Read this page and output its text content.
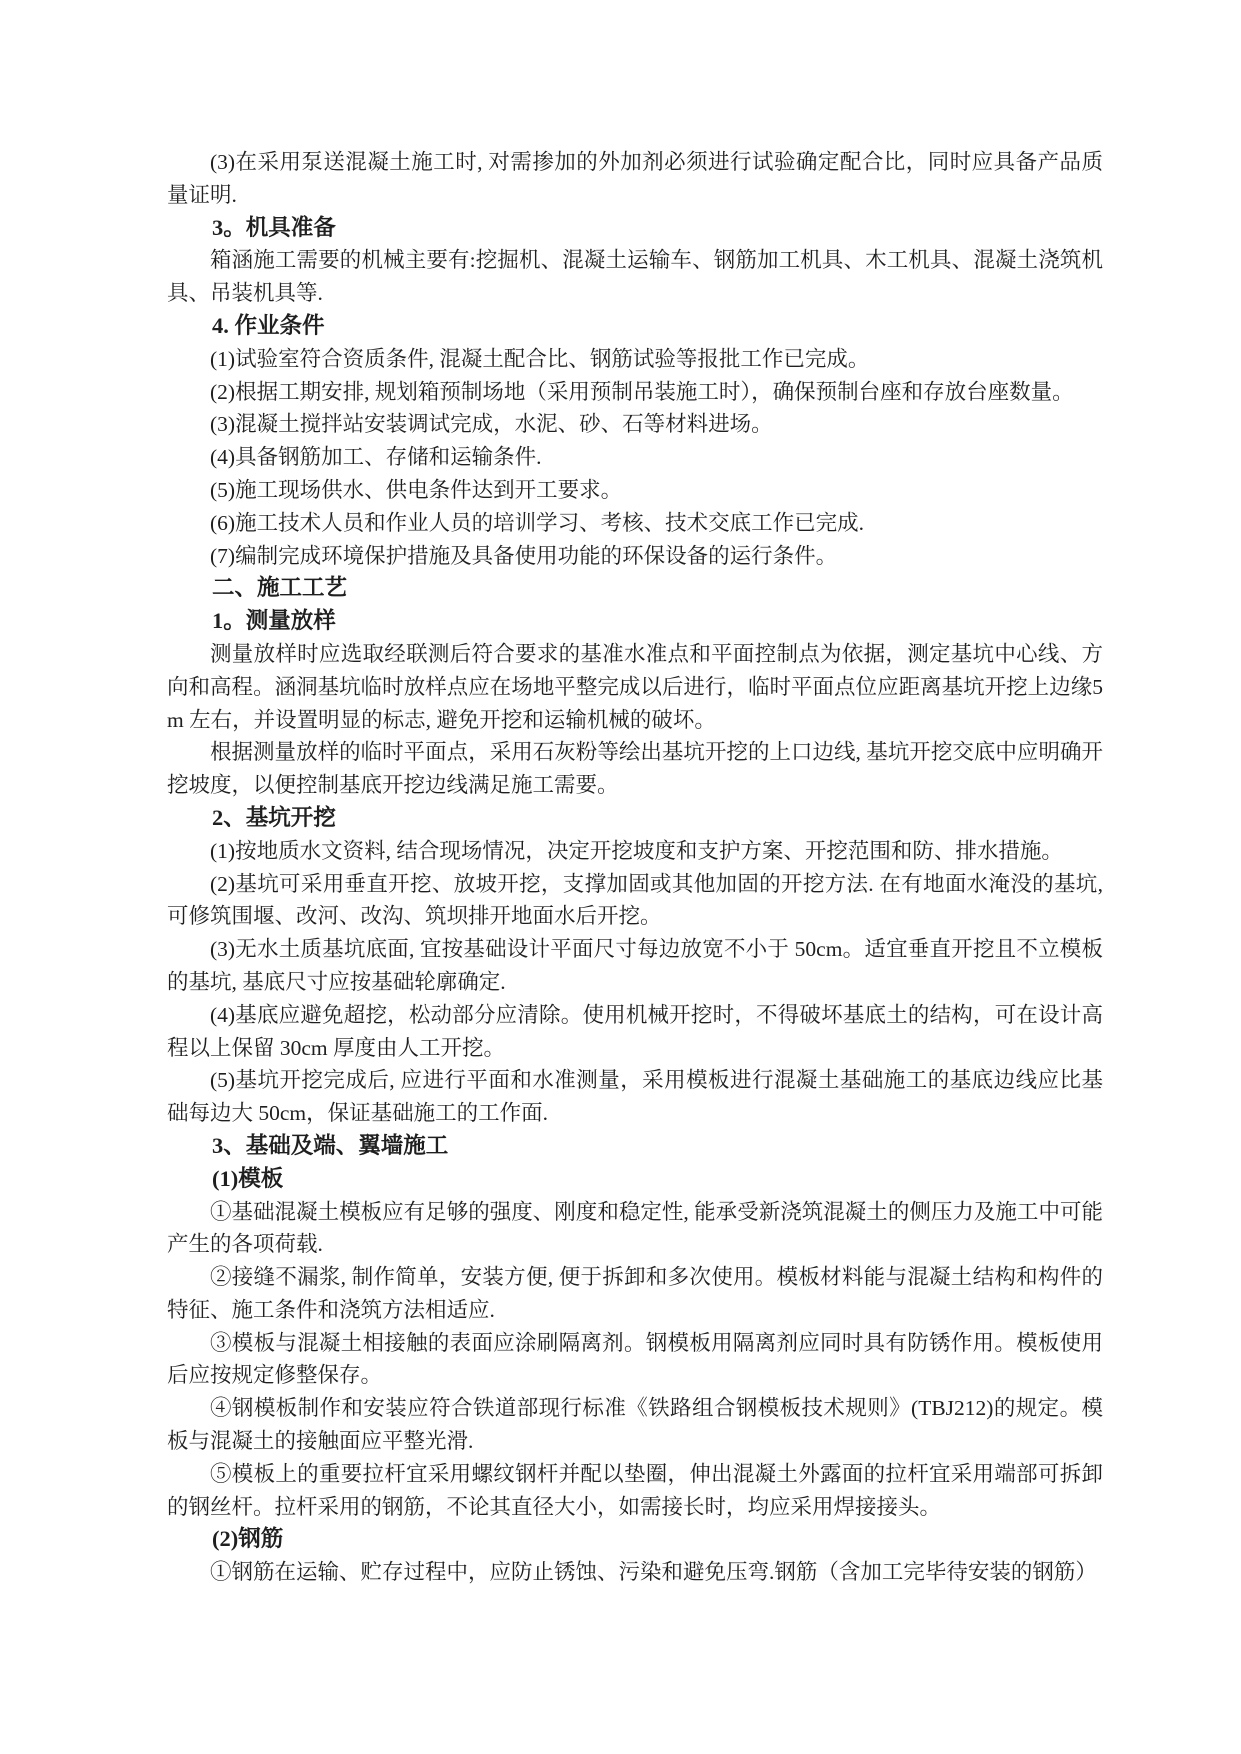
(3)在采用泵送混凝土施工时, 对需掺加的外加剂必须进行试验确定配合比，同时应具备产品质量证明.

3。机具准备

箱涵施工需要的机械主要有:挖掘机、混凝土运输车、钢筋加工机具、木工机具、混凝土浇筑机具、吊装机具等.

4. 作业条件

(1)试验室符合资质条件, 混凝土配合比、钢筋试验等报批工作已完成。

(2)根据工期安排, 规划箱预制场地（采用预制吊装施工时），确保预制台座和存放台座数量。

(3)混凝土搅拌站安装调试完成，水泥、砂、石等材料进场。

(4)具备钢筋加工、存储和运输条件.

(5)施工现场供水、供电条件达到开工要求。

(6)施工技术人员和作业人员的培训学习、考核、技术交底工作已完成.

(7)编制完成环境保护措施及具备使用功能的环保设备的运行条件。

二、施工工艺

1。测量放样

测量放样时应选取经联测后符合要求的基准水准点和平面控制点为依据，测定基坑中心线、方向和高程。涵洞基坑临时放样点应在场地平整完成以后进行，临时平面点位应距离基坑开挖上边缘5m 左右，并设置明显的标志, 避免开挖和运输机械的破坏。

根据测量放样的临时平面点，采用石灰粉等绘出基坑开挖的上口边线, 基坑开挖交底中应明确开挖坡度，以便控制基底开挖边线满足施工需要。

2、基坑开挖

(1)按地质水文资料, 结合现场情况，决定开挖坡度和支护方案、开挖范围和防、排水措施。

(2)基坑可采用垂直开挖、放坡开挖，支撑加固或其他加固的开挖方法. 在有地面水淹没的基坑, 可修筑围堰、改河、改沟、筑坝排开地面水后开挖。

(3)无水土质基坑底面, 宜按基础设计平面尺寸每边放宽不小于 50cm。适宜垂直开挖且不立模板的基坑, 基底尺寸应按基础轮廓确定.

(4)基底应避免超挖，松动部分应清除。使用机械开挖时，不得破坏基底土的结构，可在设计高程以上保留 30cm 厚度由人工开挖。

(5)基坑开挖完成后, 应进行平面和水准测量，采用模板进行混凝土基础施工的基底边线应比基础每边大 50cm，保证基础施工的工作面.

3、基础及端、翼墙施工

(1)模板

①基础混凝土模板应有足够的强度、刚度和稳定性, 能承受新浇筑混凝土的侧压力及施工中可能产生的各项荷载.

②接缝不漏浆, 制作简单，安装方便, 便于拆卸和多次使用。模板材料能与混凝土结构和构件的特征、施工条件和浇筑方法相适应.

③模板与混凝土相接触的表面应涂刷隔离剂。钢模板用隔离剂应同时具有防锈作用。模板使用后应按规定修整保存。

④钢模板制作和安装应符合铁道部现行标准《铁路组合钢模板技术规则》(TBJ212)的规定。模板与混凝土的接触面应平整光滑.

⑤模板上的重要拉杆宜采用螺纹钢杆并配以垫圈，伸出混凝土外露面的拉杆宜采用端部可拆卸的钢丝杆。拉杆采用的钢筋，不论其直径大小，如需接长时，均应采用焊接接头。

(2)钢筋

①钢筋在运输、贮存过程中，应防止锈蚀、污染和避免压弯.钢筋（含加工完毕待安装的钢筋）
